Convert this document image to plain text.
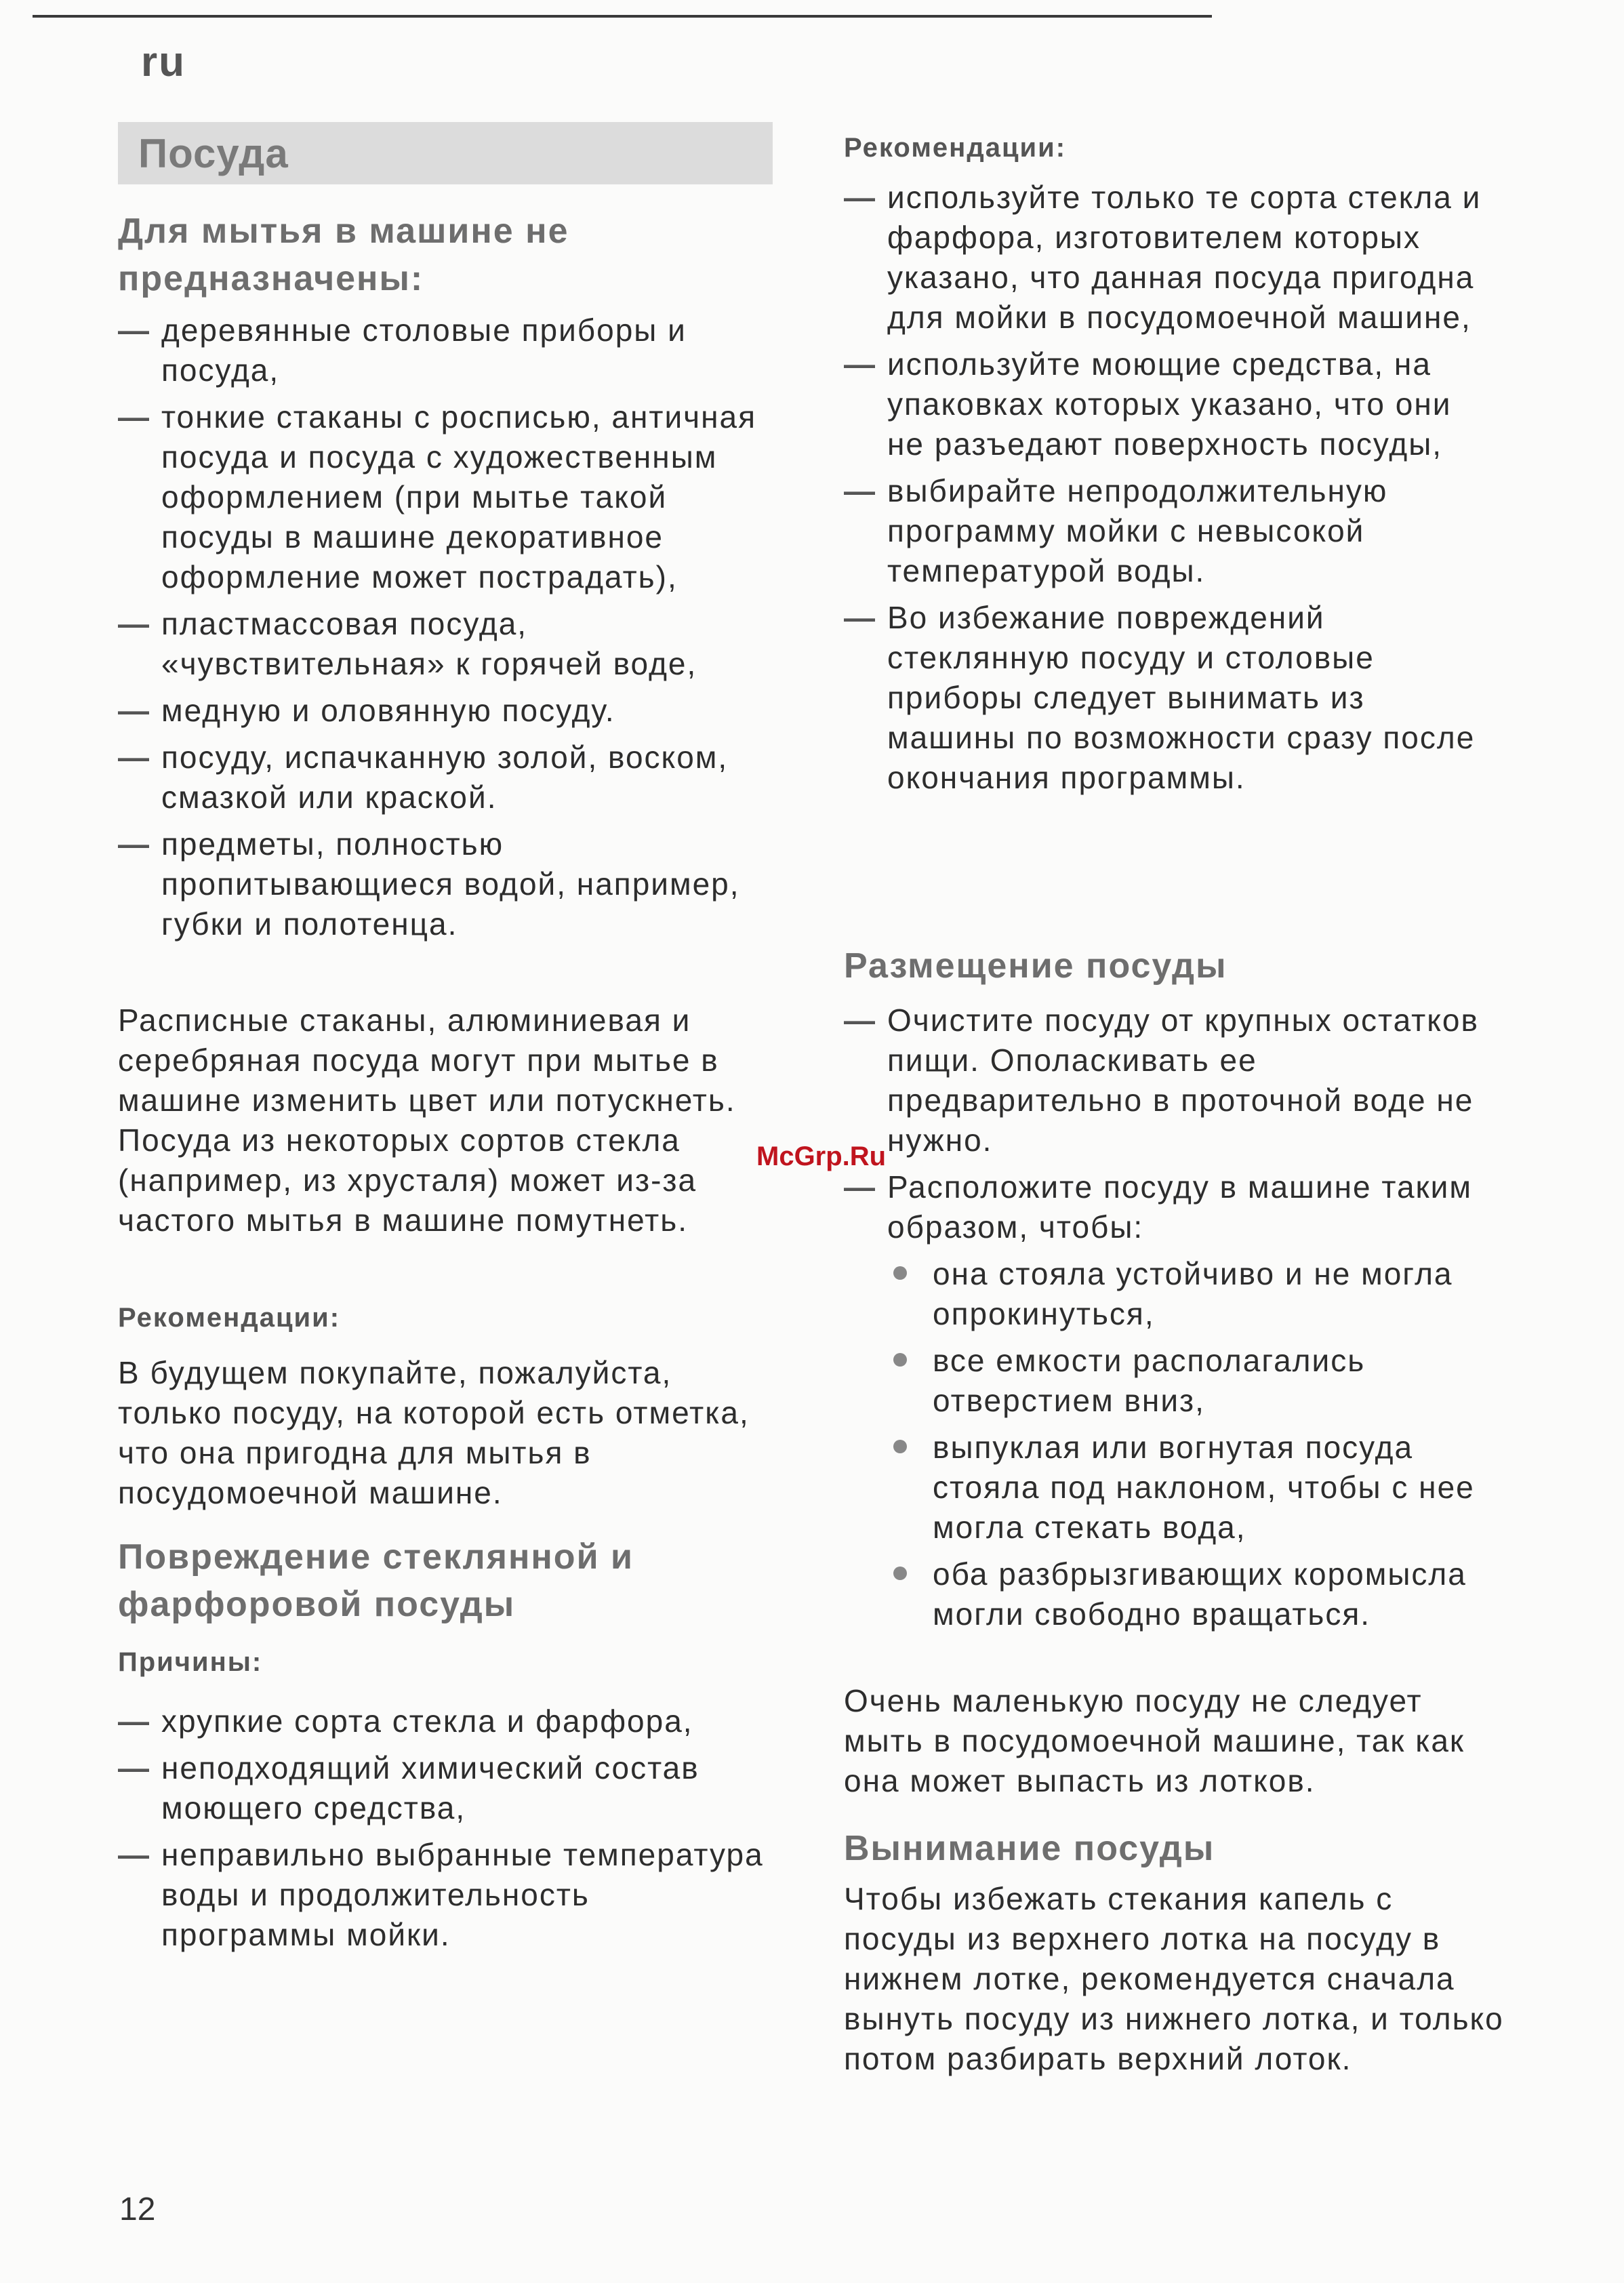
ru
Посуда
Для мытья в машине не предназначены:
— деревянные столовые приборы и посуда,
— тонкие стаканы с росписью, античная посуда и посуда с художественным оформлением (при мытье такой посуды в машине декоративное оформление может пострадать),
— пластмассовая посуда, «чувствительная» к горячей воде,
— медную и оловянную посуду.
— посуду, испачканную золой, воском, смазкой или краской.
— предметы, полностью пропитывающиеся водой, например, губки и полотенца.
Расписные стаканы, алюминиевая и серебряная посуда могут при мытье в машине изменить цвет или потускнеть. Посуда из некоторых сортов стекла (например, из хрусталя) может из-за частого мытья в машине помутнеть.
Рекомендации:
В будущем покупайте, пожалуйста, только посуду, на которой есть отметка, что она пригодна для мытья в посудомоечной машине.
Повреждение стеклянной и фарфоровой посуды
Причины:
— хрупкие сорта стекла и фарфора,
— неподходящий химический состав моющего средства,
— неправильно выбранные температура воды и продолжительность программы мойки.
Рекомендации:
— используйте только те сорта стекла и фарфора, изготовителем которых указано, что данная посуда пригодна для мойки в посудомоечной машине,
— используйте моющие средства, на упаковках которых указано, что они не разъедают поверхность посуды,
— выбирайте непродолжительную программу мойки с невысокой температурой воды.
— Во избежание повреждений стеклянную посуду и столовые приборы следует вынимать из машины по возможности сразу после окончания программы.
Размещение посуды
— Очистите посуду от крупных остатков пищи. Ополаскивать ее предварительно в проточной воде не нужно.
— Расположите посуду в машине таким образом, чтобы:
она стояла устойчиво и не могла опрокинуться,
все емкости располагались отверстием вниз,
выпуклая или вогнутая посуда стояла под наклоном, чтобы с нее могла стекать вода,
оба разбрызгивающих коромысла могли свободно вращаться.
Очень маленькую посуду не следует мыть в посудомоечной машине, так как она может выпасть из лотков.
Вынимание посуды
Чтобы избежать стекания капель с посуды из верхнего лотка на посуду в нижнем лотке, рекомендуется сначала вынуть посуду из нижнего лотка, и только потом разбирать верхний лоток.
McGrp.Ru
12
